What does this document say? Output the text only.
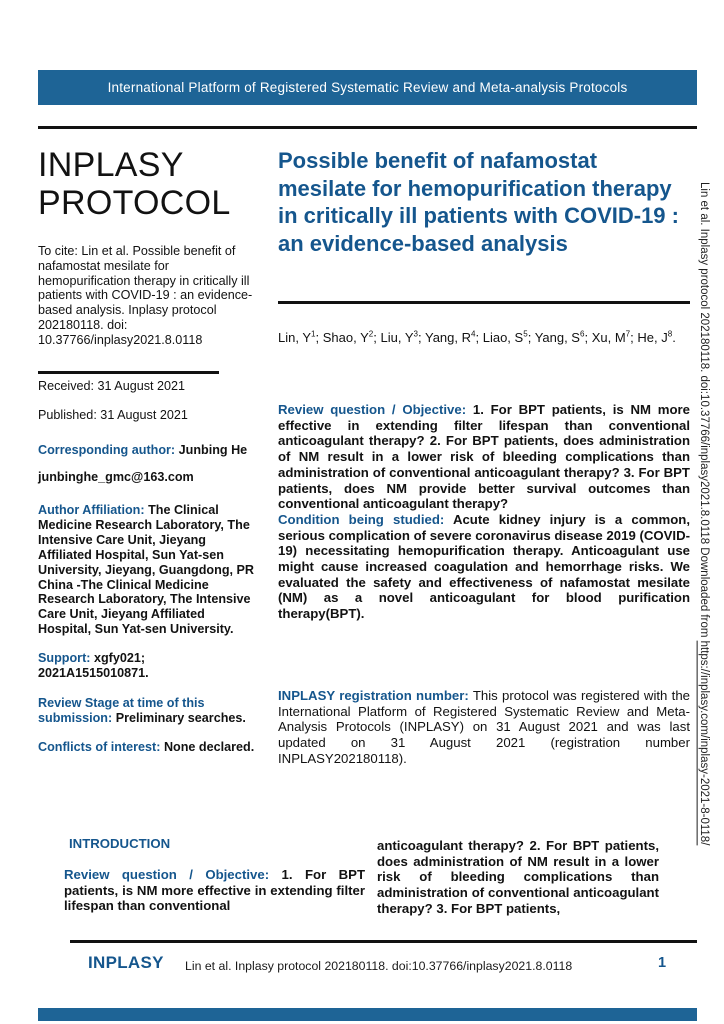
International Platform of Registered Systematic Review and Meta-analysis Protocols
INPLASY
PROTOCOL

To cite: Lin et al. Possible benefit of nafamostat mesilate for hemopurification therapy in critically ill patients with COVID-19 : an evidence-based analysis. Inplasy protocol 202180118. doi: 10.37766/inplasy2021.8.0118

Received: 31 August 2021

Published: 31 August 2021

Corresponding author: Junbing He

junbinghe_gmc@163.com

Author Affiliation: The Clinical Medicine Research Laboratory, The Intensive Care Unit, Jieyang Affiliated Hospital, Sun Yat-sen University, Jieyang, Guangdong, PR China -The Clinical Medicine Research Laboratory, The Intensive Care Unit, Jieyang Affiliated Hospital, Sun Yat-sen University.
Support: xgfy021; 2021A1515010871.
Review Stage at time of this submission: Preliminary searches.
Conflicts of interest: None declared.
Possible benefit of nafamostat mesilate for hemopurification therapy in critically ill patients with COVID-19 : an evidence-based analysis

Lin, $Y^1$; Shao, $Y^2$; Liu, $Y^3$; Yang, $R^4$; Liao, $S^5$; Yang, $S^6$; Xu, $M^7$; He, $J^8$.

Review question / Objective: 1. For BPT patients, is NM more effective in extending filter lifespan than conventional anticoagulant therapy? 2. For BPT patients, does administration of NM result in a lower risk of bleeding complications than administration of conventional anticoagulant therapy? 3. For BPT patients, does NM provide better survival outcomes than conventional anticoagulant therapy?

Condition being studied: Acute kidney injury is a common, serious complication of severe coronavirus disease 2019 (COVID-19) necessitating hemopurification therapy. Anticoagulant use might cause increased coagulation and hemorrhage risks. We evaluated the safety and effectiveness of nafamostat mesilate (NM) as a novel anticoagulant for blood purification therapy(BPT).

INPLASY registration number: This protocol was registered with the International Platform of Registered Systematic Review and Meta-Analysis Protocols (INPLASY) on 31 August 2021 and was last updated on 31 August 2021 (registration number INPLASY202180118).

INTRODUCTION

Review question / Objective: 1. For BPT patients, is NM more effective in extending filter lifespan than conventional

anticoagulant therapy? 2. For BPT patients, does administration of NM result in a lower risk of bleeding complications than administration of conventional anticoagulant therapy? 3. For BPT patients,

INPLASY Lin et al. Inplasy protocol 202180118. doi:10.37766/inplasy2021.8.0118	1
Lin et al. Inplasy protocol 202180118. doi:10.37766/inplasy2021.8.0118 Downloaded from https://inplasy.com/inplasy-2021-8-0118/
